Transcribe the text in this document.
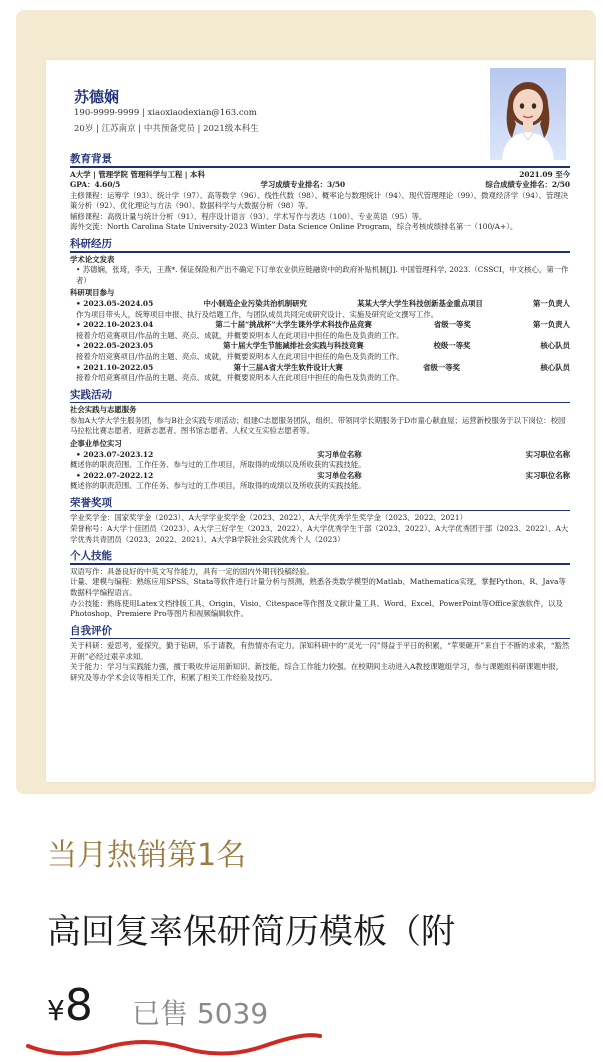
苏德娴
190-9999-9999 | xiaoxiaodexian@163.com
20岁 | 江苏南京 | 中共预备党员 | 2021级本科生
教育背景
A大学 | 管理学院 管理科学与工程 | 本科	2021.09 至今
GPA：4.60/5	学习成绩专业排名：3/50	综合成绩专业排名：2/50
主修课程：运筹学（93）、统计学（97）、高等数学（96）、线性代数（98）、概率论与数理统计（94）、现代管理理论（99）、微观经济学（94）、管理决策分析（92）、优化理论与方法（90）、数据科学与大数据分析（98）等。
辅修课程：高级计量与统计分析（91）、程序设计语言（93）、学术写作与表达（100）、专业英语（95）等。
海外交流：North Carolina State University-2023 Winter Data Science Online Program，综合考核成绩排名第一（100/A+）。
科研经历
学术论文发表
• 苏德娴，张琦，李天，王燕*. 保证保险和产出不确定下订单农业供应链融资中的政府补贴机制[J]. 中国管理科学, 2023.（CSSCI，中文核心，第一作者）
科研项目参与
• 2023.05-2024.05	中小制造企业污染共治机制研究	某某大学大学生科技创新基金重点项目	第一负责人
作为项目带头人，统筹项目申报、执行及结题工作，与团队成员共同完成研究设计、实施及研究论文撰写工作。
• 2022.10-2023.04	第二十届“挑战杯”大学生课外学术科技作品竞赛	省级一等奖	第一负责人
接着介绍竞赛项目/作品的主题、亮点、成就，并概要说明本人在此项目中担任的角色及负责的工作。
• 2022.05-2023.05	第十届大学生节能减排社会实践与科技竞赛	校级一等奖	核心队员
接着介绍竞赛项目/作品的主题、亮点、成就，并概要说明本人在此项目中担任的角色及负责的工作。
• 2021.10-2022.05	第十三届A省大学生软件设计大赛	省级一等奖	核心队员
接着介绍竞赛项目/作品的主题、亮点、成就，并概要说明本人在此项目中担任的角色及负责的工作。
实践活动
社会实践与志愿服务
参加A大学大学生服务团，参与B社会实践专项活动；组建C志愿服务团队，组织、带领同学长期服务于D市童心献血屋；运营新校服务于以下岗位：校园马拉松比赛志愿者、迎新志愿者、图书馆志愿者、人权文互实验志愿者等。
企事业单位实习
• 2023.07-2023.12	实习单位名称	实习职位名称
概述你的职责范围、工作任务、参与过的工作项目，所取得的成绩以及所收获的实践技能。
• 2022.07-2022.12	实习单位名称	实习职位名称
概述你的职责范围、工作任务、参与过的工作项目，所取得的成绩以及所收获的实践技能。
荣誉奖项
学业奖学金：国家奖学金（2023）、A大学学业奖学金（2023、2022）、A大学优秀学生奖学金（2023、2022、2021）
荣誉称号：A大学十佳团员（2023）、A大学三好学生（2023、2022）、A大学优秀学生干部（2023、2022）、A大学优秀团干部（2023、2022）、A大学优秀共青团员（2023、2022、2021）、A大学B学院社会实践优秀个人（2023）
个人技能
双语写作：具备良好的中英文写作能力，具有一定的国内外期刊投稿经验。
计量、建模与编程：熟练应用SPSS、Stata等软件进行计量分析与预测，熟悉各类数学模型的Matlab、Mathematica实现，掌握Python、R、Java等数据科学编程语言。
办公技能：熟练使用Latex文档排版工具、Origin、Visio、Citespace等作图及文献计量工具、Word、Excel、PowerPoint等Office家族软件，以及Photoshop、Premiere Pro等图片和视频编辑软件。
自我评价
关于科研：爱思考，爱探究，勤于钻研，乐于请教，有热情亦有定力。深知科研中的“灵光一闪”得益于平日的积累，“苹果砸开”来自于不断的求索，“豁然开朗”必经过艰辛求知。
关于能力：学习与实践能力强，擅于吸收并运用新知识、新技能，综合工作能力较强。在校期间主动进入A教授课题组学习，参与课题组科研课题申报，研究及等办学术会议等相关工作，积累了相关工作经验及技巧。
当月热销第1名
高回复率保研简历模板（附
¥8 已售 5039
